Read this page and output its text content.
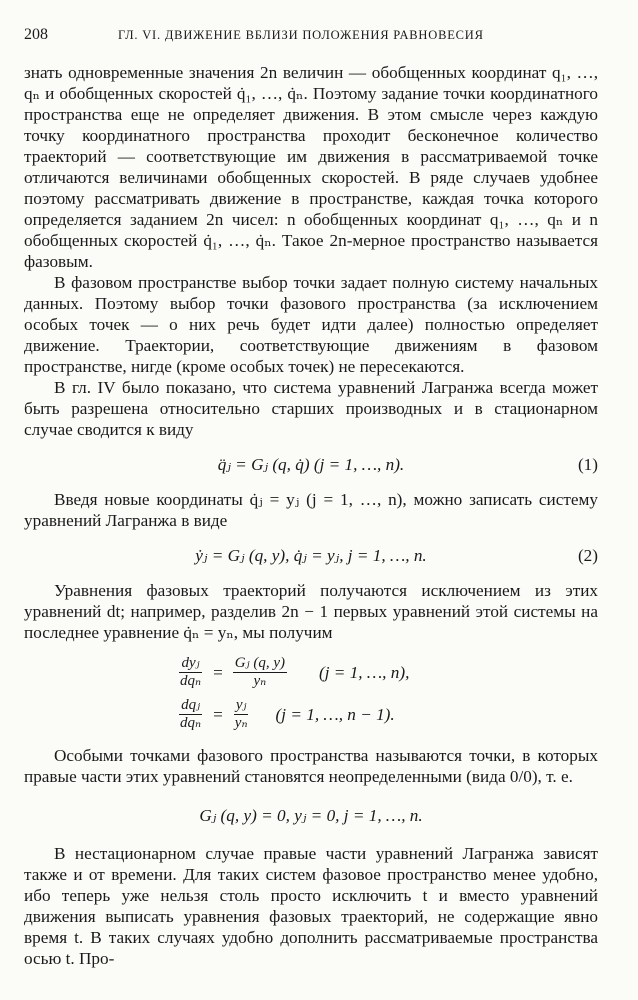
208	ГЛ. VI. ДВИЖЕНИЕ ВБЛИЗИ ПОЛОЖЕНИЯ РАВНОВЕСИЯ

знать одновременные значения 2n величин — обобщенных координат q₁, …, qₙ и обобщенных скоростей q̇₁, …, q̇ₙ. Поэтому задание точки координатного пространства еще не определяет движения. В этом смысле через каждую точку координатного пространства проходит бесконечное количество траекторий — соответствующие им движения в рассматриваемой точке отличаются величинами обобщенных скоростей. В ряде случаев удобнее поэтому рассматривать движение в пространстве, каждая точка которого определяется заданием 2n чисел: n обобщенных координат q₁, …, qₙ и n обобщенных скоростей q̇₁, …, q̇ₙ. Такое 2n-мерное пространство называется фазовым.

В фазовом пространстве выбор точки задает полную систему начальных данных. Поэтому выбор точки фазового пространства (за исключением особых точек — о них речь будет идти далее) полностью определяет движение. Траектории, соответствующие движениям в фазовом пространстве, нигде (кроме особых точек) не пересекаются.

В гл. IV было показано, что система уравнений Лагранжа всегда может быть разрешена относительно старших производных и в стационарном случае сводится к виду

q̈ⱼ = Gⱼ (q, q̇) (j = 1, …, n).	(1)

Введя новые координаты q̇ⱼ = yⱼ (j = 1, …, n), можно записать систему уравнений Лагранжа в виде

ẏⱼ = Gⱼ (q, y), q̇ⱼ = yⱼ, j = 1, …, n.	(2)

Уравнения фазовых траекторий получаются исключением из этих уравнений dt; например, разделив 2n − 1 первых уравнений этой системы на последнее уравнение q̇ₙ = yₙ, мы получим

$\frac{\text{dyⱼ}}{\text{dqₙ}} = \frac{\text{Gⱼ (q, y)}}{\text{yₙ}} (j = 1$, …, n),
$\frac{\text{dqⱼ}}{\text{dqₙ}} = \frac{\text{yⱼ}}{\text{yₙ}} (j = 1$, …, n − 1).

Особыми точками фазового пространства называются точки, в которых правые части этих уравнений становятся неопределенными (вида 0/0), т. е.

Gⱼ (q, y) = 0, yⱼ = 0, j = 1, …, n.

В нестационарном случае правые части уравнений Лагранжа зависят также и от времени. Для таких систем фазовое пространство менее удобно, ибо теперь уже нельзя столь просто исключить t и вместо уравнений движения выписать уравнения фазовых траекторий, не содержащие явно время t. В таких случаях удобно дополнить рассматриваемые пространства осью t. Про-
